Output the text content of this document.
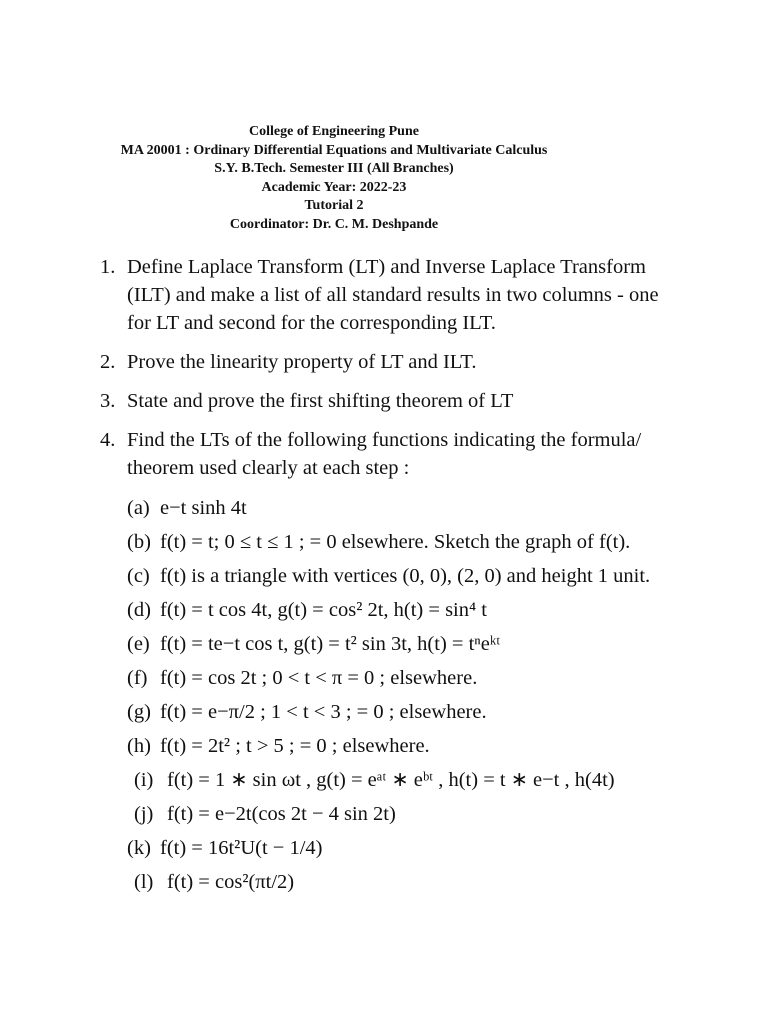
College of Engineering Pune
MA 20001 : Ordinary Differential Equations and Multivariate Calculus
S.Y. B.Tech. Semester III (All Branches)
Academic Year: 2022-23
Tutorial 2
Coordinator: Dr. C. M. Deshpande
1. Define Laplace Transform (LT) and Inverse Laplace Transform (ILT) and make a list of all standard results in two columns - one for LT and second for the corresponding ILT.
2. Prove the linearity property of LT and ILT.
3. State and prove the first shifting theorem of LT
4. Find the LTs of the following functions indicating the formula/ theorem used clearly at each step :
(a) e−t sinh 4t
(b) f(t) = t; 0 ≤ t ≤ 1 ; = 0 elsewhere. Sketch the graph of f(t).
(c) f(t) is a triangle with vertices (0, 0), (2, 0) and height 1 unit.
(d) f(t) = t cos 4t, g(t) = cos² 2t, h(t) = sin⁴ t
(e) f(t) = te−t cos t, g(t) = t² sin 3t, h(t) = tⁿeᵏᵗ
(f) f(t) = cos 2t ; 0 < t < π = 0 ; elsewhere.
(g) f(t) = e−π/2 ; 1 < t < 3 ; = 0 ; elsewhere.
(h) f(t) = 2t² ; t > 5 ; = 0 ; elsewhere.
(i) f(t) = 1 ∗ sin ωt , g(t) = eᵃᵗ ∗ eᵇᵗ , h(t) = t ∗ e−t , h(4t)
(j) f(t) = e−2t(cos 2t − 4 sin 2t)
(k) f(t) = 16t²U(t − 1/4)
(l) f(t) = cos²(πt/2)
